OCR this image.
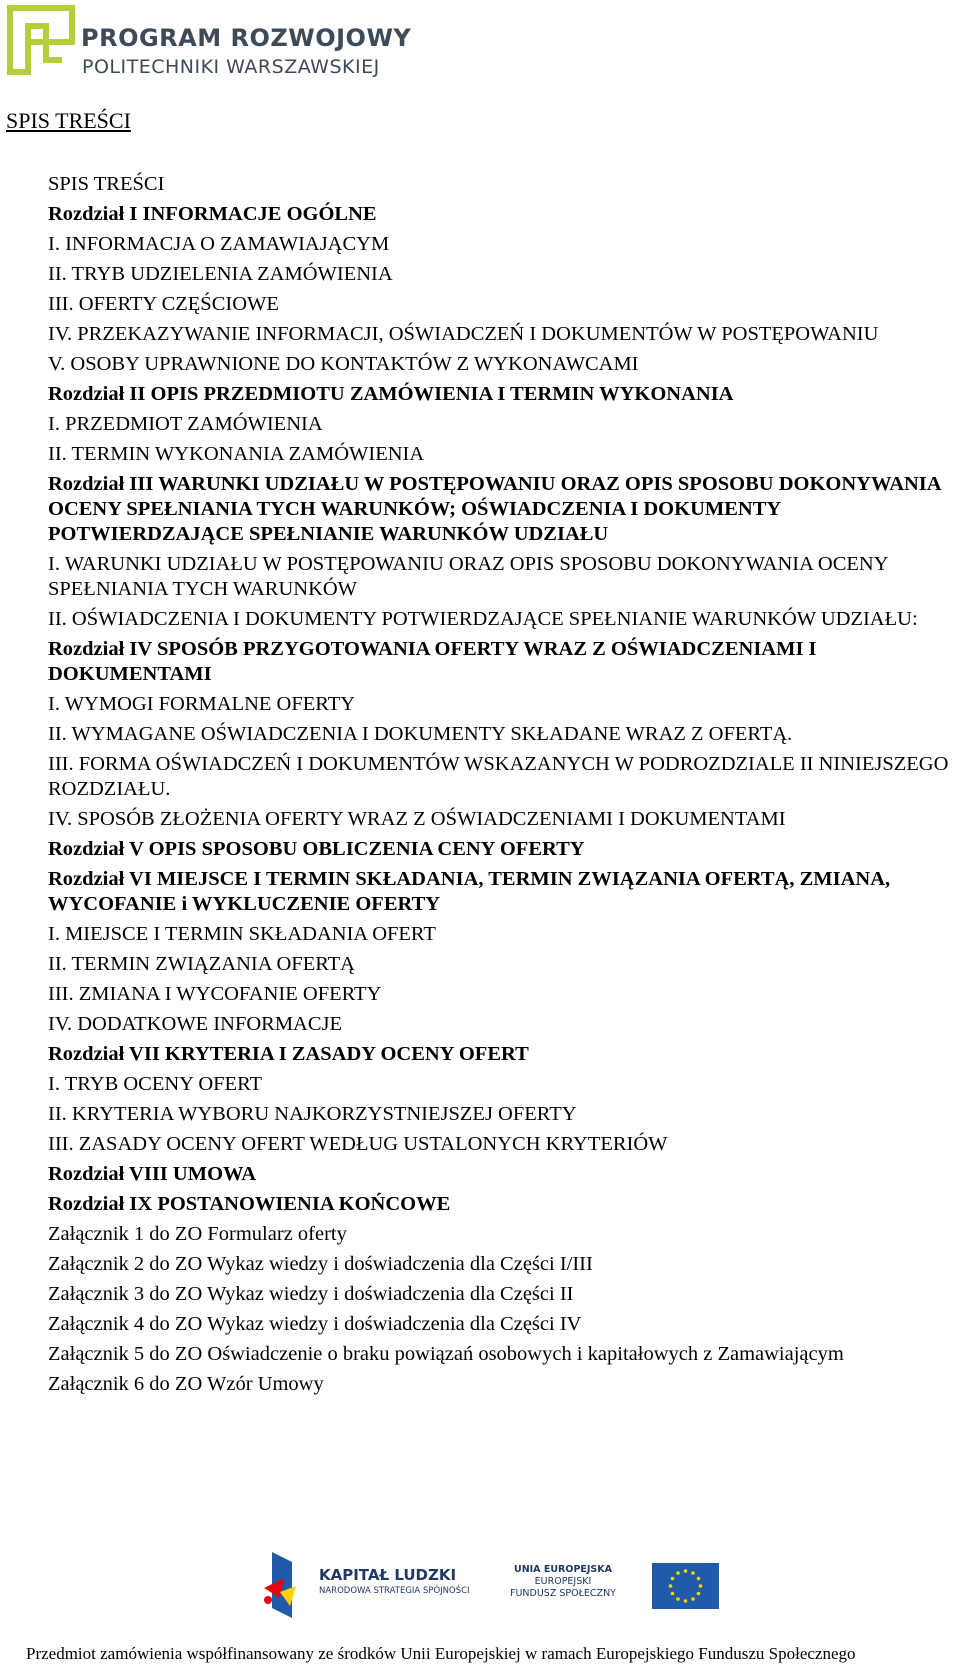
PROGRAM ROZWOJOWY
POLITECHNIKI WARSZAWSKIEJ
SPIS TREŚCI
SPIS TREŚCI
Rozdział I INFORMACJE OGÓLNE
I. INFORMACJA O ZAMAWIAJĄCYM
II. TRYB UDZIELENIA ZAMÓWIENIA
III. OFERTY CZĘŚCIOWE
IV. PRZEKAZYWANIE INFORMACJI, OŚWIADCZEŃ I DOKUMENTÓW W POSTĘPOWANIU
V. OSOBY UPRAWNIONE DO KONTAKTÓW Z WYKONAWCAMI
Rozdział II OPIS PRZEDMIOTU ZAMÓWIENIA I TERMIN WYKONANIA
I. PRZEDMIOT ZAMÓWIENIA
II. TERMIN WYKONANIA ZAMÓWIENIA
Rozdział III WARUNKI UDZIAŁU W POSTĘPOWANIU ORAZ OPIS SPOSOBU DOKONYWANIA OCENY SPEŁNIANIA TYCH WARUNKÓW; OŚWIADCZENIA I DOKUMENTY POTWIERDZAJĄCE SPEŁNIANIE WARUNKÓW UDZIAŁU
I. WARUNKI UDZIAŁU W POSTĘPOWANIU ORAZ OPIS SPOSOBU DOKONYWANIA OCENY SPEŁNIANIA TYCH WARUNKÓW
II. OŚWIADCZENIA I DOKUMENTY POTWIERDZAJĄCE SPEŁNIANIE WARUNKÓW UDZIAŁU:
Rozdział IV SPOSÓB PRZYGOTOWANIA OFERTY WRAZ Z OŚWIADCZENIAMI I DOKUMENTAMI
I. WYMOGI FORMALNE OFERTY
II. WYMAGANE OŚWIADCZENIA I DOKUMENTY SKŁADANE WRAZ Z OFERTĄ.
III. FORMA OŚWIADCZEŃ I DOKUMENTÓW WSKAZANYCH W PODROZDZIALE II NINIEJSZEGO ROZDZIAŁU.
IV. SPOSÓB ZŁOŻENIA OFERTY WRAZ Z OŚWIADCZENIAMI I DOKUMENTAMI
Rozdział V OPIS SPOSOBU OBLICZENIA CENY OFERTY
Rozdział VI MIEJSCE I TERMIN SKŁADANIA, TERMIN ZWIĄZANIA OFERTĄ, ZMIANA, WYCOFANIE i WYKLUCZENIE OFERTY
I. MIEJSCE I TERMIN SKŁADANIA OFERT
II. TERMIN ZWIĄZANIA OFERTĄ
III. ZMIANA I WYCOFANIE OFERTY
IV. DODATKOWE INFORMACJE
Rozdział VII KRYTERIA I ZASADY OCENY OFERT
I. TRYB OCENY OFERT
II. KRYTERIA WYBORU NAJKORZYSTNIEJSZEJ OFERTY
III. ZASADY OCENY OFERT WEDŁUG USTALONYCH KRYTERIÓW
Rozdział VIII UMOWA
Rozdział IX POSTANOWIENIA KOŃCOWE
Załącznik 1 do ZO Formularz oferty
Załącznik 2 do ZO Wykaz wiedzy i doświadczenia dla Części I/III
Załącznik 3 do ZO Wykaz wiedzy i doświadczenia dla Części II
Załącznik 4 do ZO Wykaz wiedzy i doświadczenia dla Części IV
Załącznik 5 do ZO Oświadczenie o braku powiązań osobowych i kapitałowych z Zamawiającym
Załącznik 6 do ZO Wzór Umowy
KAPITAŁ LUDZKI
NARODOWA STRATEGIA SPÓJNOŚCI
UNIA EUROPEJSKA
EUROPEJSKI
FUNDUSZ SPOŁECZNY

Przedmiot zamówienia współfinansowany ze środków Unii Europejskiej w ramach Europejskiego Funduszu Społecznego
